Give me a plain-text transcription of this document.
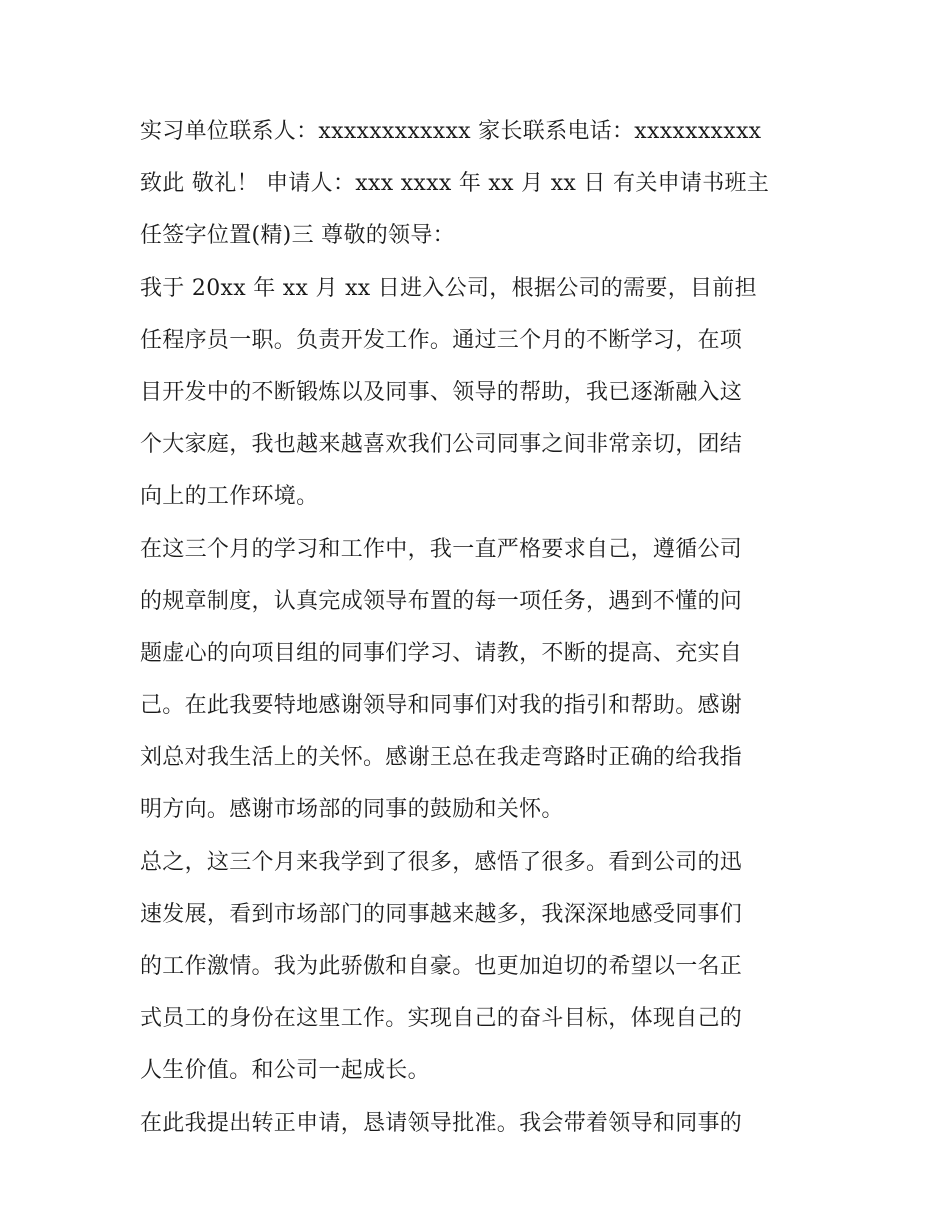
实习单位联系人：xxxxxxxxxxxx 家长联系电话：xxxxxxxxxx
致此 敬礼！ 申请人：xxx xxxx 年 xx 月 xx 日 有关申请书班主
任签字位置(精)三 尊敬的领导：
我于 20xx 年 xx 月 xx 日进入公司，根据公司的需要，目前担
任程序员一职。负责开发工作。通过三个月的不断学习，在项
目开发中的不断锻炼以及同事、领导的帮助，我已逐渐融入这
个大家庭，我也越来越喜欢我们公司同事之间非常亲切，团结
向上的工作环境。
在这三个月的学习和工作中，我一直严格要求自己，遵循公司
的规章制度，认真完成领导布置的每一项任务，遇到不懂的问
题虚心的向项目组的同事们学习、请教，不断的提高、充实自
己。在此我要特地感谢领导和同事们对我的指引和帮助。感谢
刘总对我生活上的关怀。感谢王总在我走弯路时正确的给我指
明方向。感谢市场部的同事的鼓励和关怀。
总之，这三个月来我学到了很多，感悟了很多。看到公司的迅
速发展，看到市场部门的同事越来越多，我深深地感受同事们
的工作激情。我为此骄傲和自豪。也更加迫切的希望以一名正
式员工的身份在这里工作。实现自己的奋斗目标，体现自己的
人生价值。和公司一起成长。
在此我提出转正申请，恳请领导批准。我会带着领导和同事的
